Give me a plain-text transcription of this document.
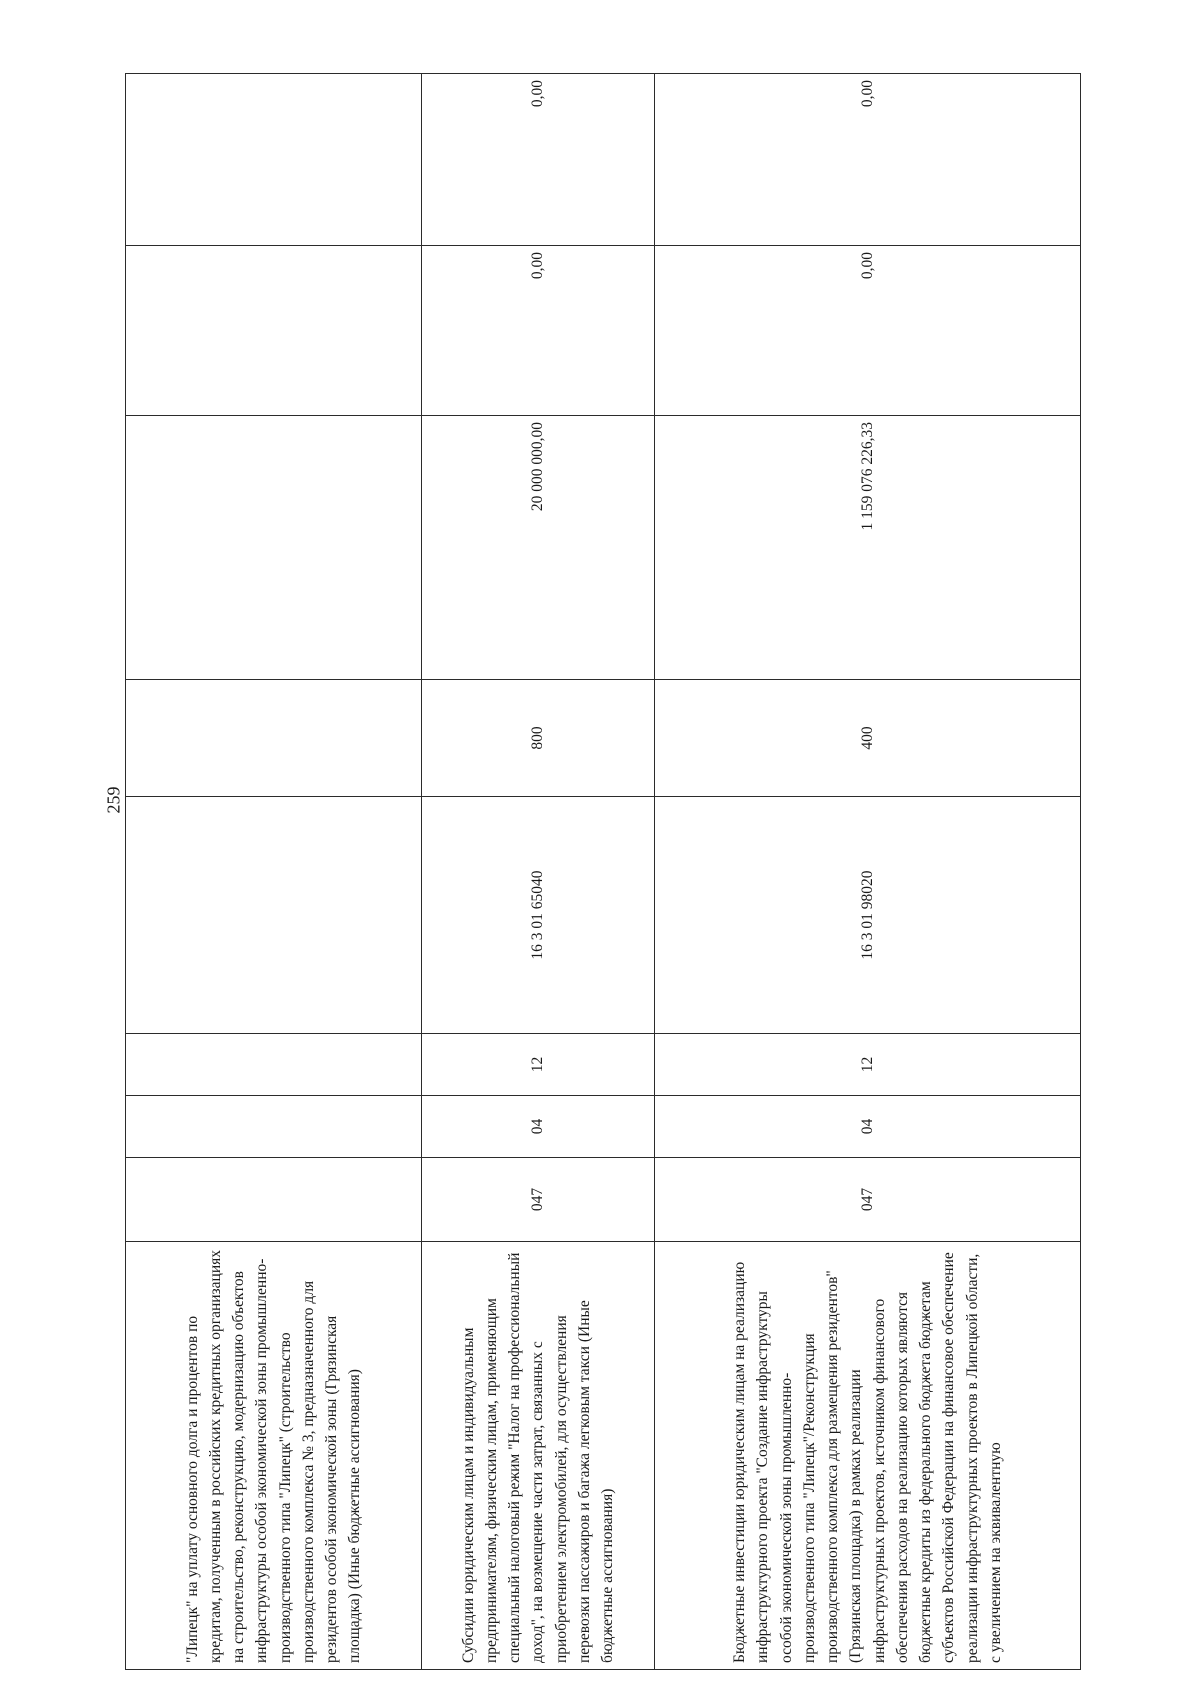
259
"Липецк" на уплату основного долга и процентов по кредитам, полученным в российских кредитных организациях на строительство, реконструкцию, модернизацию объектов инфраструктуры особой экономической зоны промышленно-производственного типа "Липецк" (строительство производственного комплекса № 3, предназначенного для резидентов особой экономической зоны (Грязинская площадка) (Иные бюджетные ассигнования)								
Субсидии юридическим лицам и индивидуальным предпринимателям, физическим лицам, применяющим специальный налоговый режим "Налог на профессиональный доход", на возмещение части затрат, связанных с приобретением электромобилей, для осуществления перевозки пассажиров и багажа легковым такси (Иные бюджетные ассигнования)	047	04	12	16 3 01 65040	800	20 000 000,00	0,00	0,00
Бюджетные инвестиции юридическим лицам на реализацию инфраструктурного проекта "Создание инфраструктуры особой экономической зоны промышленно-производственного типа "Липецк"/Реконструкция производственного комплекса для размещения резидентов" (Грязинская площадка) в рамках реализации инфраструктурных проектов, источником финансового обеспечения расходов на реализацию которых являются бюджетные кредиты из федерального бюджета бюджетам субъектов Российской Федерации на финансовое обеспечение реализации инфраструктурных проектов в Липецкой области, с увеличением на эквивалентную	047	04	12	16 3 01 98020	400	1 159 076 226,33	0,00	0,00
